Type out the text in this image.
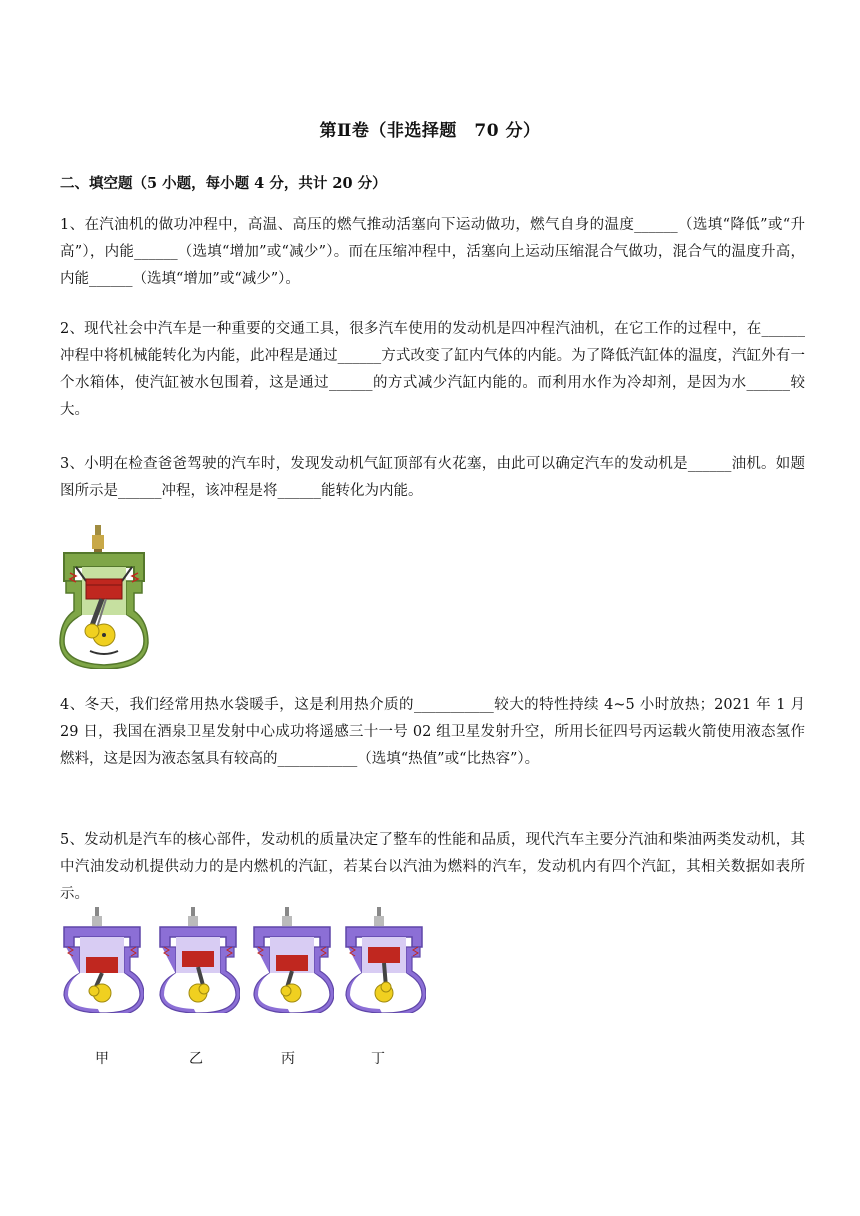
第Ⅱ卷（非选择题　70 分）
二、填空题（5 小题，每小题 4 分，共计 20 分）
1、在汽油机的做功冲程中，高温、高压的燃气推动活塞向下运动做功，燃气自身的温度______（选填“降低”或“升高”），内能______（选填“增加”或“减少”）。而在压缩冲程中，活塞向上运动压缩混合气做功，混合气的温度升高，内能______（选填“增加”或“减少”）。
2、现代社会中汽车是一种重要的交通工具，很多汽车使用的发动机是四冲程汽油机，在它工作的过程中，在______冲程中将机械能转化为内能，此冲程是通过______方式改变了缸内气体的内能。为了降低汽缸体的温度，汽缸外有一个水箱体，使汽缸被水包围着，这是通过______的方式减少汽缸内能的。而利用水作为冷却剂，是因为水______较大。
3、小明在检查爸爸驾驶的汽车时，发现发动机气缸顶部有火花塞，由此可以确定汽车的发动机是______油机。如题图所示是______冲程，该冲程是将______能转化为内能。
4、冬天，我们经常用热水袋暖手，这是利用热介质的___________较大的特性持续 4~5 小时放热；2021 年 1 月 29 日，我国在酒泉卫星发射中心成功将遥感三十一号 02 组卫星发射升空，所用长征四号丙运载火箭使用液态氢作燃料，这是因为液态氢具有较高的___________（选填“热值”或“比热容”）。
5、发动机是汽车的核心部件，发动机的质量决定了整车的性能和品质，现代汽车主要分汽油和柴油两类发动机，其中汽油发动机提供动力的是内燃机的汽缸，若某台以汽油为燃料的汽车，发动机内有四个汽缸，其相关数据如表所示。
甲	乙	丙	丁
